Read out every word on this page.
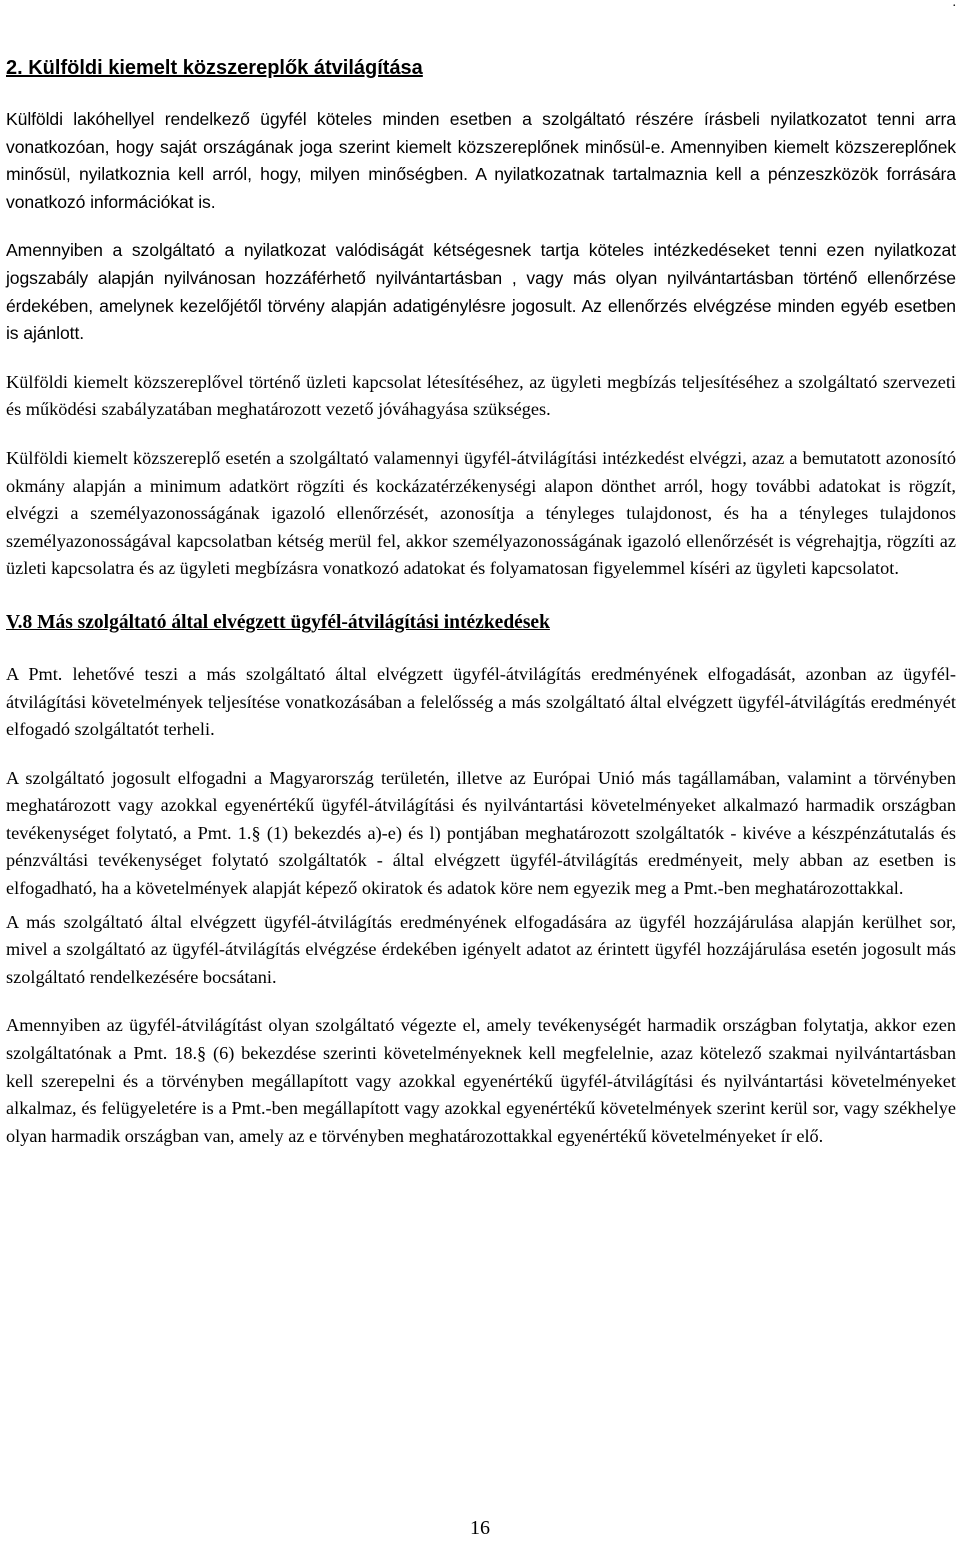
.
2. Külföldi kiemelt közszereplők átvilágítása

Külföldi lakóhellyel rendelkező ügyfél köteles minden esetben a szolgáltató részére írásbeli nyilatkozatot tenni arra vonatkozóan, hogy saját országának joga szerint kiemelt közszereplőnek minősül-e. Amennyiben kiemelt közszereplőnek minősül, nyilatkoznia kell arról, hogy, milyen minőségben. A nyilatkozatnak tartalmaznia kell a pénzeszközök forrására vonatkozó információkat is.

Amennyiben a szolgáltató a nyilatkozat valódiságát kétségesnek tartja köteles intézkedéseket tenni ezen nyilatkozat jogszabály alapján nyilvánosan hozzáférhető nyilvántartásban , vagy más olyan nyilvántartásban történő ellenőrzése érdekében, amelynek kezelőjétől törvény alapján adatigénylésre jogosult. Az ellenőrzés elvégzése minden egyéb esetben is ajánlott.

Külföldi kiemelt közszereplővel történő üzleti kapcsolat létesítéséhez, az ügyleti megbízás teljesítéséhez a szolgáltató szervezeti és működési szabályzatában meghatározott vezető jóváhagyása szükséges.

Külföldi kiemelt közszereplő esetén a szolgáltató valamennyi ügyfél-átvilágítási intézkedést elvégzi, azaz a bemutatott azonosító okmány alapján a minimum adatkört rögzíti és kockázatérzékenységi alapon dönthet arról, hogy további adatokat is rögzít, elvégzi a személyazonosságának igazoló ellenőrzését, azonosítja a tényleges tulajdonost, és ha a tényleges tulajdonos személyazonosságával kapcsolatban kétség merül fel, akkor személyazonosságának igazoló ellenőrzését is végrehajtja, rögzíti az üzleti kapcsolatra és az ügyleti megbízásra vonatkozó adatokat és folyamatosan figyelemmel kíséri az ügyleti kapcsolatot.

V.8 Más szolgáltató által elvégzett ügyfél-átvilágítási intézkedések

A Pmt. lehetővé teszi a más szolgáltató által elvégzett ügyfél-átvilágítás eredményének elfogadását, azonban az ügyfél-átvilágítási követelmények teljesítése vonatkozásában a felelősség a más szolgáltató által elvégzett ügyfél-átvilágítás eredményét elfogadó szolgáltatót terheli.

A szolgáltató jogosult elfogadni a Magyarország területén, illetve az Európai Unió más tagállamában, valamint a törvényben meghatározott vagy azokkal egyenértékű ügyfél-átvilágítási és nyilvántartási követelményeket alkalmazó harmadik országban tevékenységet folytató, a Pmt. 1.§ (1) bekezdés a)-e) és l) pontjában meghatározott szolgáltatók - kivéve a készpénzátutalás és pénzváltási tevékenységet folytató szolgáltatók - által elvégzett ügyfél-átvilágítás eredményeit, mely abban az esetben is elfogadható, ha a követelmények alapját képező okiratok és adatok köre nem egyezik meg a Pmt.-ben meghatározottakkal.

A más szolgáltató által elvégzett ügyfél-átvilágítás eredményének elfogadására az ügyfél hozzájárulása alapján kerülhet sor, mivel a szolgáltató az ügyfél-átvilágítás elvégzése érdekében igényelt adatot az érintett ügyfél hozzájárulása esetén jogosult más szolgáltató rendelkezésére bocsátani.

Amennyiben az ügyfél-átvilágítást olyan szolgáltató végezte el, amely tevékenységét harmadik országban folytatja, akkor ezen szolgáltatónak a Pmt. 18.§ (6) bekezdése szerinti követelményeknek kell megfelelnie, azaz kötelező szakmai nyilvántartásban kell szerepelni és a törvényben megállapított vagy azokkal egyenértékű ügyfél-átvilágítási és nyilvántartási követelményeket alkalmaz, és felügyeletére is a Pmt.-ben megállapított vagy azokkal egyenértékű követelmények szerint kerül sor, vagy székhelye olyan harmadik országban van, amely az e törvényben meghatározottakkal egyenértékű követelményeket ír elő.

16
